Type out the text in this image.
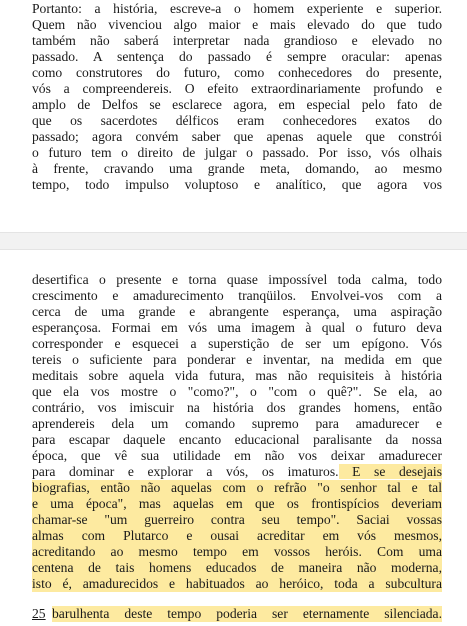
Portanto: a história, escreve-a o homem experiente e superior.
Quem não vivenciou algo maior e mais elevado do que tudo
também não saberá interpretar nada grandioso e elevado no
passado. A sentença do passado é sempre oracular: apenas
como construtores do futuro, como conhecedores do presente,
vós a compreendereis. O efeito extraordinariamente profundo e
amplo de Delfos se esclarece agora, em especial pelo fato de
que os sacerdotes délficos eram conhecedores exatos do
passado; agora convém saber que apenas aquele que constrói
o futuro tem o direito de julgar o passado. Por isso, vós olhais
à frente, cravando uma grande meta, domando, ao mesmo
tempo, todo impulso voluptoso e analítico, que agora vos
desertifica o presente e torna quase impossível toda calma, todo
crescimento e amadurecimento tranqüilos. Envolvei-vos com a
cerca de uma grande e abrangente esperança, uma aspiração
esperançosa. Formai em vós uma imagem à qual o futuro deva
corresponder e esquecei a superstição de ser um epígono. Vós
tereis o suficiente para ponderar e inventar, na medida em que
meditais sobre aquela vida futura, mas não requisiteis à história
que ela vos mostre o "como?", o "com o quê?". Se ela, ao
contrário, vos imiscuir na história dos grandes homens, então
aprendereis dela um comando supremo para amadurecer e
para escapar daquele encanto educacional paralisante da nossa
época, que vê sua utilidade em não vos deixar amadurecer
para dominar e explorar a vós, os imaturos. E se desejais
biografias, então não aquelas com o refrão "o senhor tal e tal
e uma época", mas aquelas em que os frontispícios deveriam
chamar-se "um guerreiro contra seu tempo". Saciai vossas
almas com Plutarco e ousai acreditar em vós mesmos,
acreditando ao mesmo tempo em vossos heróis. Com uma
centena de tais homens educados de maneira não moderna,
isto é, amadurecidos e habituados ao heróico, toda a subcultura
25 barulhenta deste tempo poderia ser eternamente silenciada.
